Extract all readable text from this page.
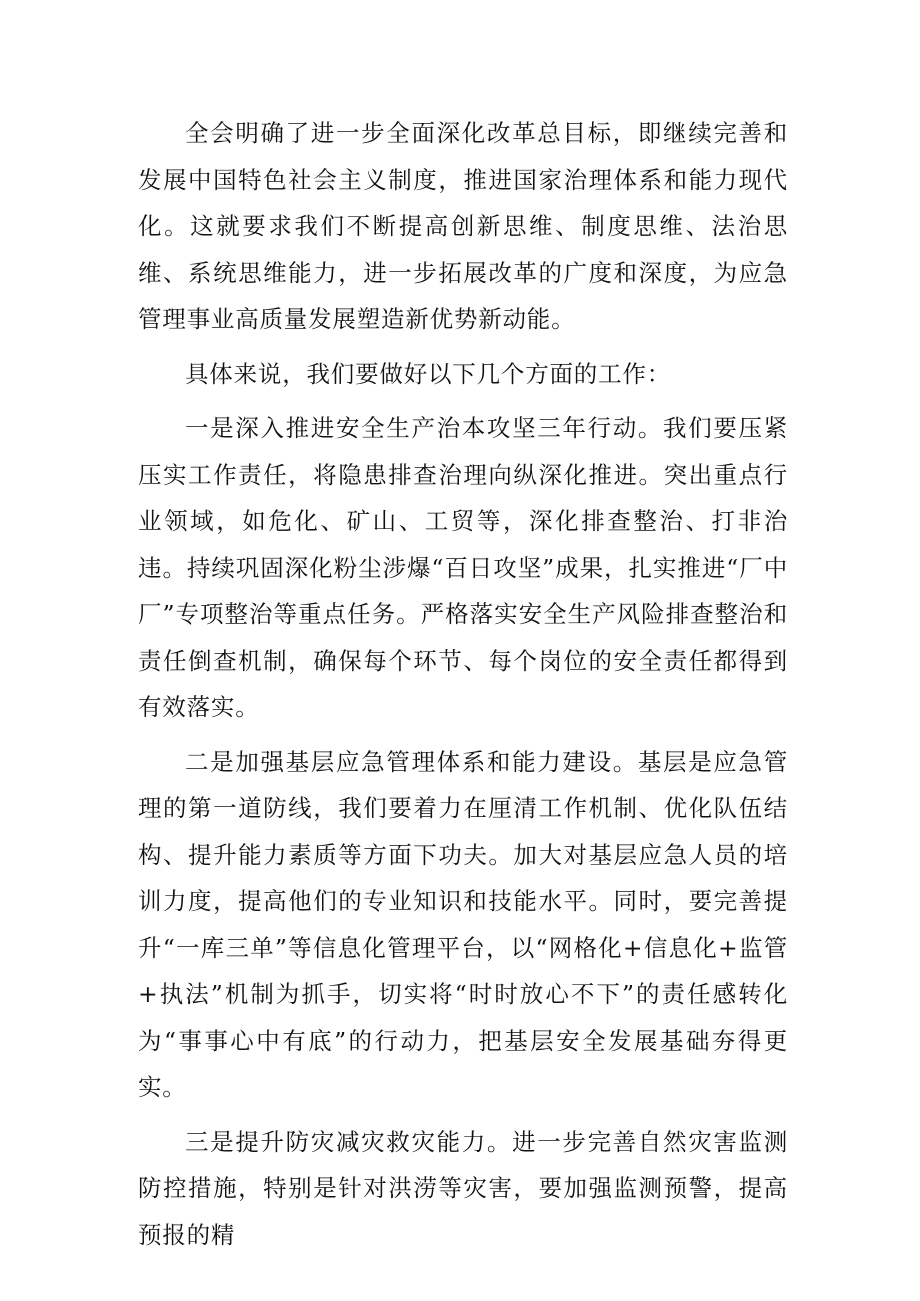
全会明确了进一步全面深化改革总目标，即继续完善和发展中国特色社会主义制度，推进国家治理体系和能力现代化。这就要求我们不断提高创新思维、制度思维、法治思维、系统思维能力，进一步拓展改革的广度和深度，为应急管理事业高质量发展塑造新优势新动能。

具体来说，我们要做好以下几个方面的工作：

一是深入推进安全生产治本攻坚三年行动。我们要压紧压实工作责任，将隐患排查治理向纵深化推进。突出重点行业领域，如危化、矿山、工贸等，深化排查整治、打非治违。持续巩固深化粉尘涉爆“百日攻坚”成果，扎实推进“厂中厂”专项整治等重点任务。严格落实安全生产风险排查整治和责任倒查机制，确保每个环节、每个岗位的安全责任都得到有效落实。

二是加强基层应急管理体系和能力建设。基层是应急管理的第一道防线，我们要着力在厘清工作机制、优化队伍结构、提升能力素质等方面下功夫。加大对基层应急人员的培训力度，提高他们的专业知识和技能水平。同时，要完善提升“一库三单”等信息化管理平台，以“网格化+信息化+监管+执法”机制为抓手，切实将“时时放心不下”的责任感转化为“事事心中有底”的行动力，把基层安全发展基础夯得更实。

三是提升防灾减灾救灾能力。进一步完善自然灾害监测防控措施，特别是针对洪涝等灾害，要加强监测预警，提高预报的精
